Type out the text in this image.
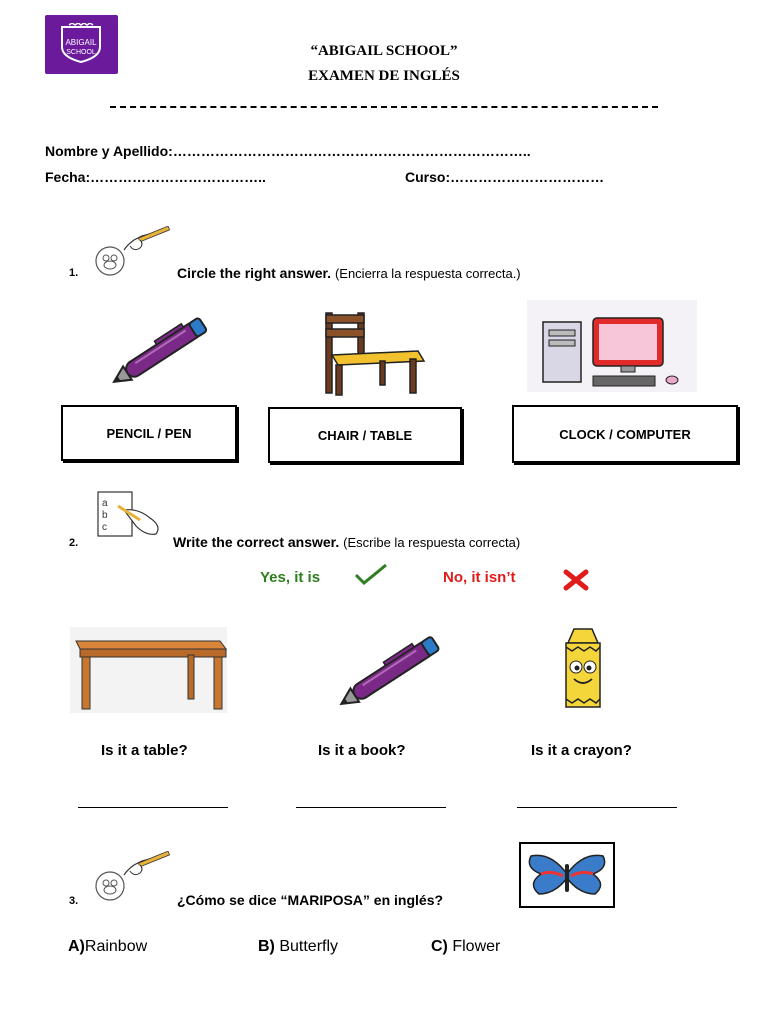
ABIGAIL
SCHOOL	“ABIGAIL SCHOOL”
EXAMEN DE INGLÉS
Nombre y Apellido:…………………………………………………………………..
Fecha:………………………………..	Curso:……………………………
1.	Circle the right answer. (Encierra la respuesta correcta.)
PENCIL / PEN	CHAIR / TABLE	CLOCK / COMPUTER
a
b
c
2.	Write the correct answer. (Escribe la respuesta correcta)
Yes, it is	No, it isn’t
Is it a table?	Is it a book?	Is it a crayon?
3.	¿Cómo se dice “MARIPOSA” en inglés?
A)Rainbow	B) Butterfly	C) Flower
